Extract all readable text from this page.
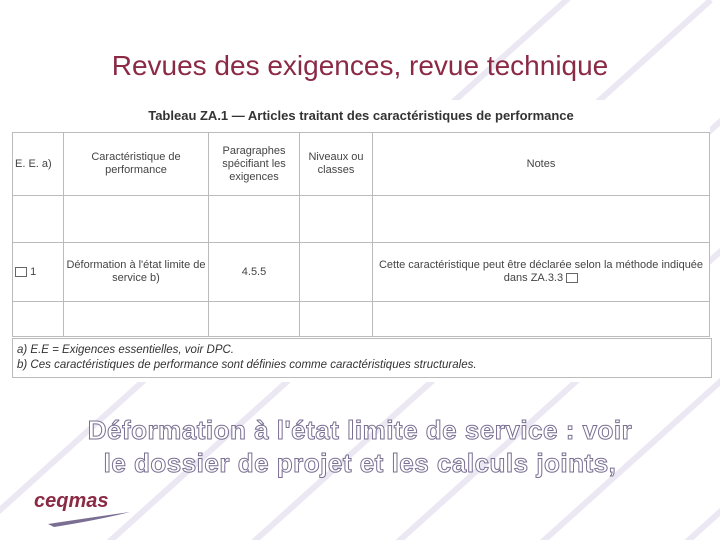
Revues des exigences, revue technique
Tableau ZA.1 — Articles traitant des caractéristiques de performance
E. E. a)	Caractéristique de performance	Paragraphes spécifiant les exigences	Niveaux ou classes	Notes

1	Déformation à l'état limite de service b)	4.5.5		Cette caractéristique peut être déclarée selon la méthode indiquée dans ZA.3.3

a) E.E = Exigences essentielles, voir DPC.
b) Ces caractéristiques de performance sont définies comme caractéristiques structurales.
Déformation à l'état limite de service : voir
le dossier de projet et les calculs joints,
ceqmas
